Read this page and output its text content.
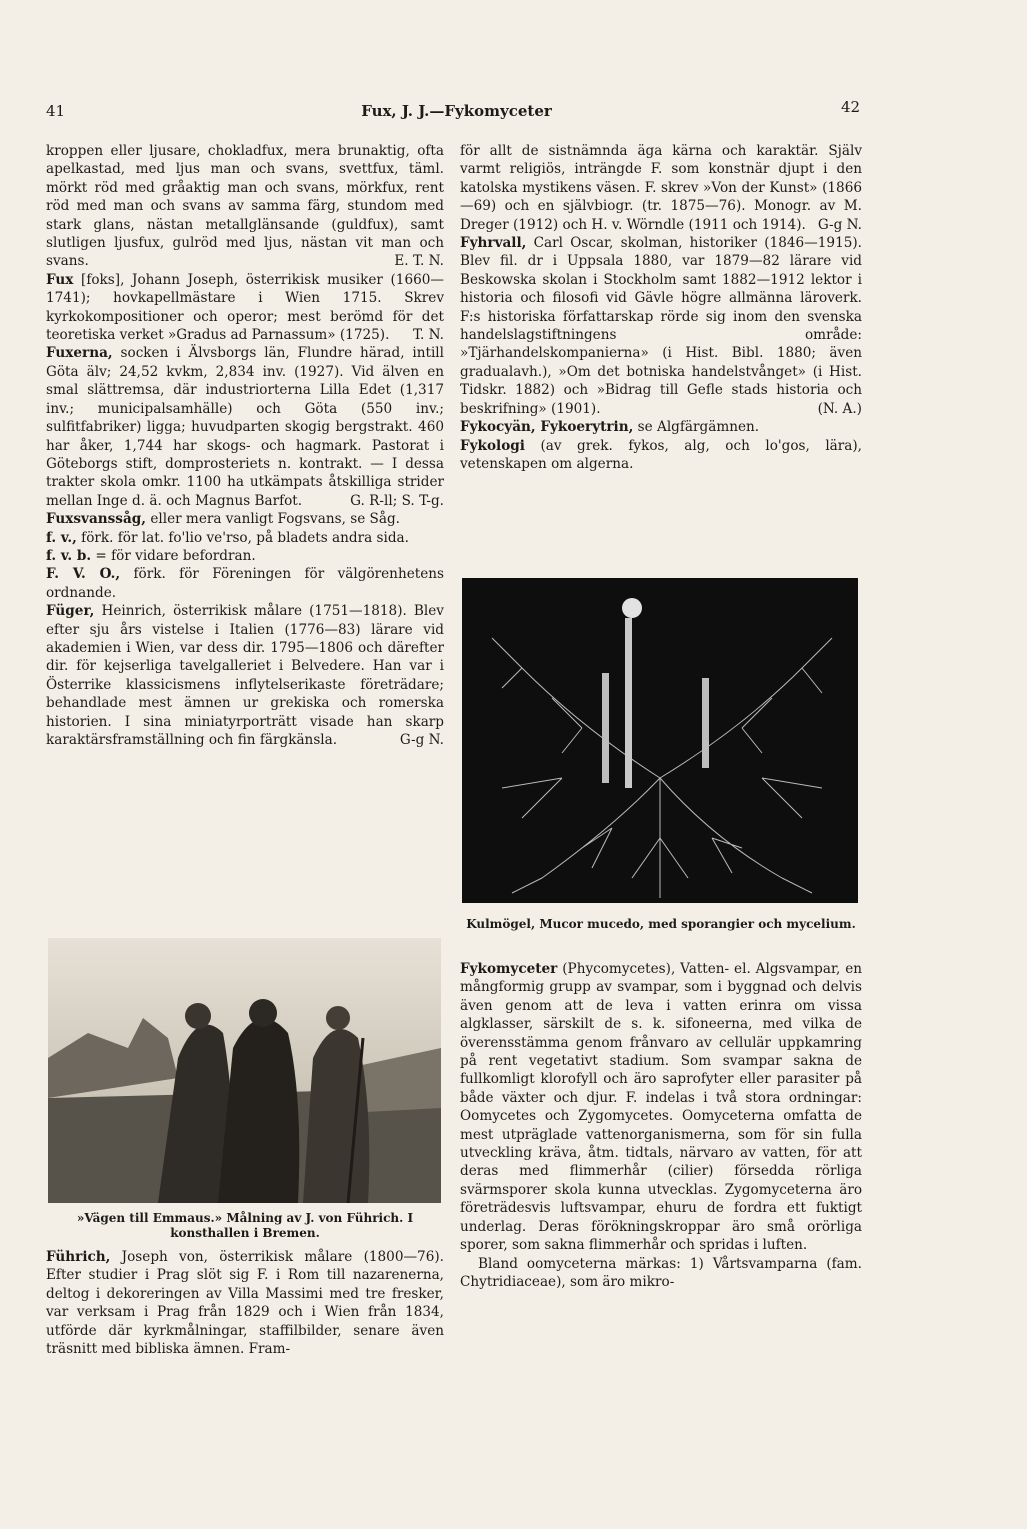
41	Fux, J. J.—Fykomyceter	42

kroppen eller ljusare, chokladfux, mera brunaktig, ofta apelkastad, med ljus man och svans, svettfux, täml. mörkt röd med gråaktig man och svans, mörkfux, rent röd med man och svans av samma färg, stundom med stark glans, nästan metallglänsande (guldfux), samt slutligen ljusfux, gulröd med ljus, nästan vit man och svans.	E. T. N.

Fux [foks], Johann Joseph, österrikisk musiker (1660—1741); hovkapellmästare i Wien 1715. Skrev kyrkokompositioner och operor; mest berömd för det teoretiska verket »Gradus ad Parnassum» (1725). T. N.

Fuxerna, socken i Älvsborgs län, Flundre härad, intill Göta älv; 24,52 kvkm, 2,834 inv. (1927). Vid älven en smal slättremsa, där industriorterna Lilla Edet (1,317 inv.; municipalsamhälle) och Göta (550 inv.; sulfitfabriker) ligga; huvudparten skogig bergstrakt. 460 har åker, 1,744 har skogs- och hagmark. Pastorat i Göteborgs stift, domprosteriets n. kontrakt. — I dessa trakter skola omkr. 1100 ha utkämpats åtskilliga strider mellan Inge d. ä. och Magnus Barfot.	G. R-ll; S. T-g.

Fuxsvanssåg, eller mera vanligt Fogsvans, se Såg.

f. v., förk. för lat. fo'lio ve'rso, på bladets andra sida.

f. v. b. = för vidare befordran.

F. V. O., förk. för Föreningen för välgörenhetens ordnande.

Füger, Heinrich, österrikisk målare (1751—1818). Blev efter sju års vistelse i Italien (1776—83) lärare vid akademien i Wien, var dess dir. 1795—1806 och därefter dir. för kejserliga tavelgalleriet i Belvedere. Han var i Österrike klassicismens inflytelserikaste företrädare; behandlade mest ämnen ur grekiska och romerska historien. I sina miniatyrporträtt visade han skarp karaktärsframställning och fin färgkänsla.	G-g N.

»Vägen till Emmaus.» Målning av J. von Führich. I konsthallen i Bremen.

Führich, Joseph von, österrikisk målare (1800—76). Efter studier i Prag slöt sig F. i Rom till nazarenerna, deltog i dekoreringen av Villa Massimi med tre fresker, var verksam i Prag från 1829 och i Wien från 1834, utförde där kyrkmålningar, staffilbilder, senare även träsnitt med bibliska ämnen. Fram-

för allt de sistnämnda äga kärna och karaktär. Själv varmt religiös, inträngde F. som konstnär djupt i den katolska mystikens väsen. F. skrev »Von der Kunst» (1866—69) och en självbiogr. (tr. 1875—76). Monogr. av M. Dreger (1912) och H. v. Wörndle (1911 och 1914). G-g N.

Fyhrvall, Carl Oscar, skolman, historiker (1846—1915). Blev fil. dr i Uppsala 1880, var 1879—82 lärare vid Beskowska skolan i Stockholm samt 1882—1912 lektor i historia och filosofi vid Gävle högre allmänna läroverk. F:s historiska författarskap rörde sig inom den svenska handelslagstiftningens område: »Tjärhandelskompanierna» (i Hist. Bibl. 1880; även gradualavh.), »Om det botniska handelstvånget» (i Hist. Tidskr. 1882) och »Bidrag till Gefle stads historia och beskrifning» (1901).	(N. A.)

Fykocyän, Fykoerytrin, se Algfärgämnen.

Fykologi (av grek. fykos, alg, och lo'gos, lära), vetenskapen om algerna.

Kulmögel, Mucor mucedo, med sporangier och mycelium.

Fykomyceter (Phycomycetes), Vatten- el. Algsvampar, en mångformig grupp av svampar, som i byggnad och delvis även genom att de leva i vatten erinra om vissa algklasser, särskilt de s. k. sifoneerna, med vilka de överensstämma genom frånvaro av cellulär uppkamring på rent vegetativt stadium. Som svampar sakna de fullkomligt klorofyll och äro saprofyter eller parasiter på både växter och djur. F. indelas i två stora ordningar: Oomycetes och Zygomycetes. Oomyceterna omfatta de mest utpräglade vattenorganismerna, som för sin fulla utveckling kräva, åtm. tidtals, närvaro av vatten, för att deras med flimmerhår (cilier) försedda rörliga svärmsporer skola kunna utvecklas. Zygomyceterna äro företrädesvis luftsvampar, ehuru de fordra ett fuktigt underlag. Deras förökningskroppar äro små orörliga sporer, som sakna flimmerhår och spridas i luften.

Bland oomyceterna märkas: 1) Vårtsvamparna (fam. Chytridiaceae), som äro mikro-
